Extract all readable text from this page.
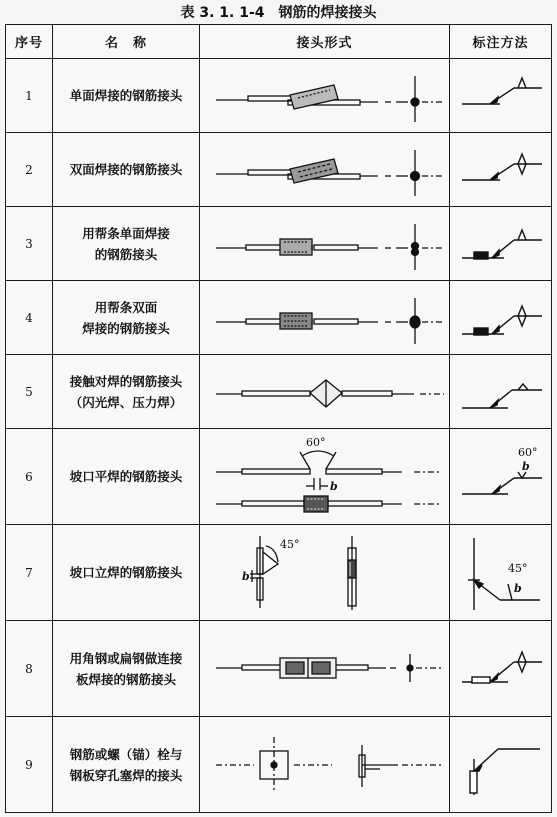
表 3. 1. 1-4　钢筋的焊接接头
序号	名　称	接头形式	标注方法
1	单面焊接的钢筋接头

2	双面焊接的钢筋接头

3	用帮条单面焊接
的钢筋接头

4	用帮条双面
焊接的钢筋接头

5	接触对焊的钢筋接头
（闪光焊、压力焊）

6	坡口平焊的钢筋接头	60°
b	60°
b

7	坡口立焊的钢筋接头	45°
b	45°
b

8	用角钢或扁钢做连接
板焊接的钢筋接头

9	钢筋或螺（锚）栓与
钢板穿孔塞焊的接头
